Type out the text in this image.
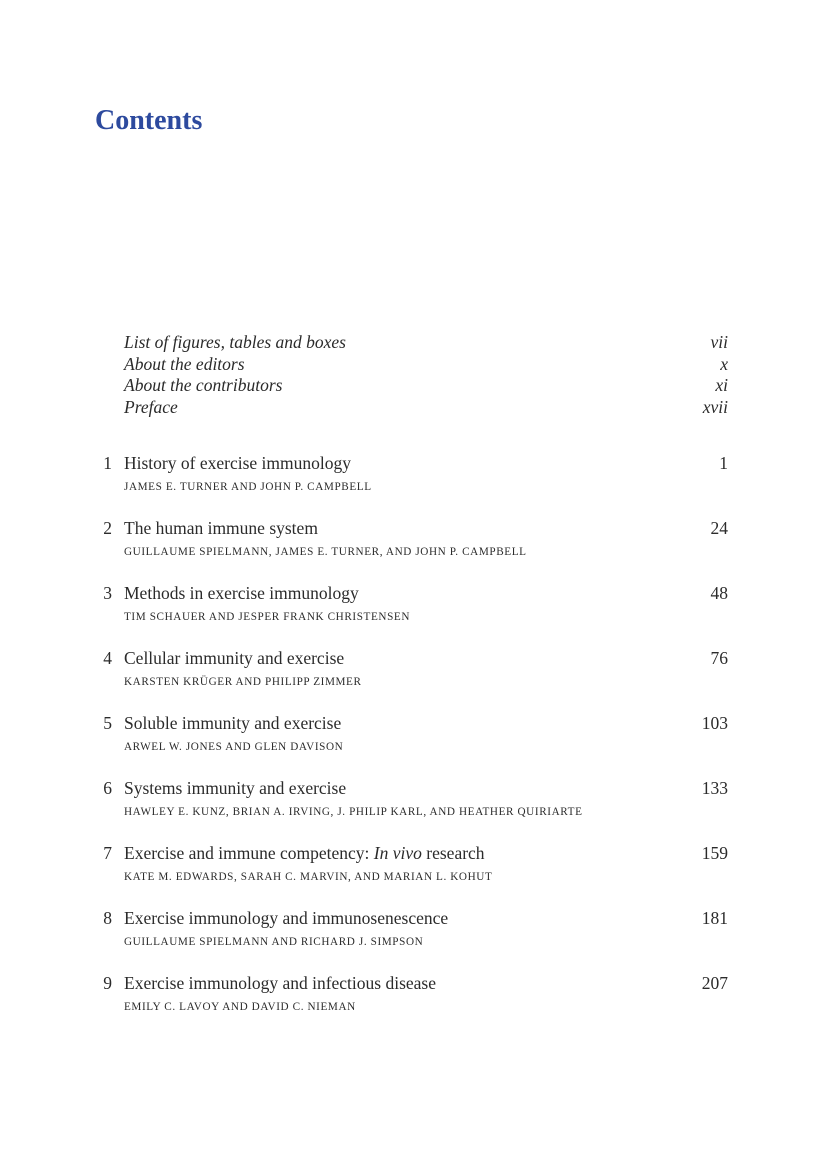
Contents
List of figures, tables and boxes	vii
About the editors	x
About the contributors	xi
Preface	xvii
1 History of exercise immunology	1
JAMES E. TURNER AND JOHN P. CAMPBELL
2 The human immune system	24
GUILLAUME SPIELMANN, JAMES E. TURNER, AND JOHN P. CAMPBELL
3 Methods in exercise immunology	48
TIM SCHAUER AND JESPER FRANK CHRISTENSEN
4 Cellular immunity and exercise	76
KARSTEN KRÜGER AND PHILIPP ZIMMER
5 Soluble immunity and exercise	103
ARWEL W. JONES AND GLEN DAVISON
6 Systems immunity and exercise	133
HAWLEY E. KUNZ, BRIAN A. IRVING, J. PHILIP KARL, AND HEATHER QUIRIARTE
7 Exercise and immune competency: In vivo research	159
KATE M. EDWARDS, SARAH C. MARVIN, AND MARIAN L. KOHUT
8 Exercise immunology and immunosenescence	181
GUILLAUME SPIELMANN AND RICHARD J. SIMPSON
9 Exercise immunology and infectious disease	207
EMILY C. LAVOY AND DAVID C. NIEMAN
